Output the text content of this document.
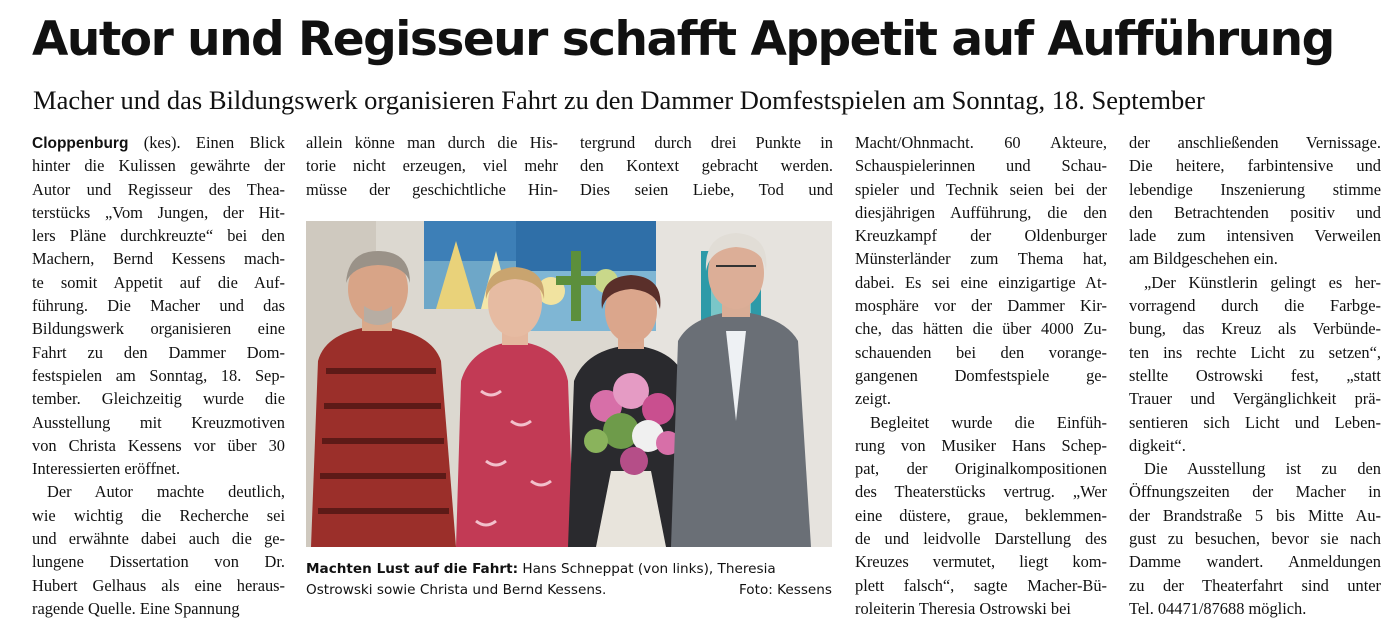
Autor und Regisseur schafft Appetit auf Aufführung
Macher und das Bildungswerk organisieren Fahrt zu den Dammer Domfestspielen am Sonntag, 18. September
Cloppenburg (kes). Einen Blick
hinter die Kulissen gewährte der
Autor und Regisseur des Thea-
terstücks „Vom Jungen, der Hit-
lers Pläne durchkreuzte“ bei den
Machern, Bernd Kessens mach-
te somit Appetit auf die Auf-
führung. Die Macher und das
Bildungswerk organisieren eine
Fahrt zu den Dammer Dom-
festspielen am Sonntag, 18. Sep-
tember. Gleichzeitig wurde die
Ausstellung mit Kreuzmotiven
von Christa Kessens vor über 30
Interessierten eröffnet.
Der Autor machte deutlich,
wie wichtig die Recherche sei
und erwähnte dabei auch die ge-
lungene Dissertation von Dr.
Hubert Gelhaus als eine heraus-
ragende Quelle. Eine Spannung
allein könne man durch die His-
torie nicht erzeugen, viel mehr
müsse der geschichtliche Hin-
tergrund durch drei Punkte in
den Kontext gebracht werden.
Dies seien Liebe, Tod und
Macht/Ohnmacht. 60 Akteure,
Schauspielerinnen und Schau-
spieler und Technik seien bei der
diesjährigen Aufführung, die den
Kreuzkampf der Oldenburger
Münsterländer zum Thema hat,
dabei. Es sei eine einzigartige At-
mosphäre vor der Dammer Kir-
che, das hätten die über 4000 Zu-
schauenden bei den vorange-
gangenen Domfestspiele ge-
zeigt.
Begleitet wurde die Einfüh-
rung von Musiker Hans Schep-
pat, der Originalkompositionen
des Theaterstücks vertrug. „Wer
eine düstere, graue, beklemmen-
de und leidvolle Darstellung des
Kreuzes vermutet, liegt kom-
plett falsch“, sagte Macher-Bü-
roleiterin Theresia Ostrowski bei
der anschließenden Vernissage.
Die heitere, farbintensive und
lebendige Inszenierung stimme
den Betrachtenden positiv und
lade zum intensiven Verweilen
am Bildgeschehen ein.
„Der Künstlerin gelingt es her-
vorragend durch die Farbge-
bung, das Kreuz als Verbünde-
ten ins rechte Licht zu setzen“,
stellte Ostrowski fest, „statt
Trauer und Vergänglichkeit prä-
sentieren sich Licht und Leben-
digkeit“.
Die Ausstellung ist zu den
Öffnungszeiten der Macher in
der Brandstraße 5 bis Mitte Au-
gust zu besuchen, bevor sie nach
Damme wandert. Anmeldungen
zu der Theaterfahrt sind unter
Tel. 04471/87688 möglich.
Machten Lust auf die Fahrt: Hans Schneppat (von links), Theresia
Ostrowski sowie Christa und Bernd Kessens.	Foto: Kessens
